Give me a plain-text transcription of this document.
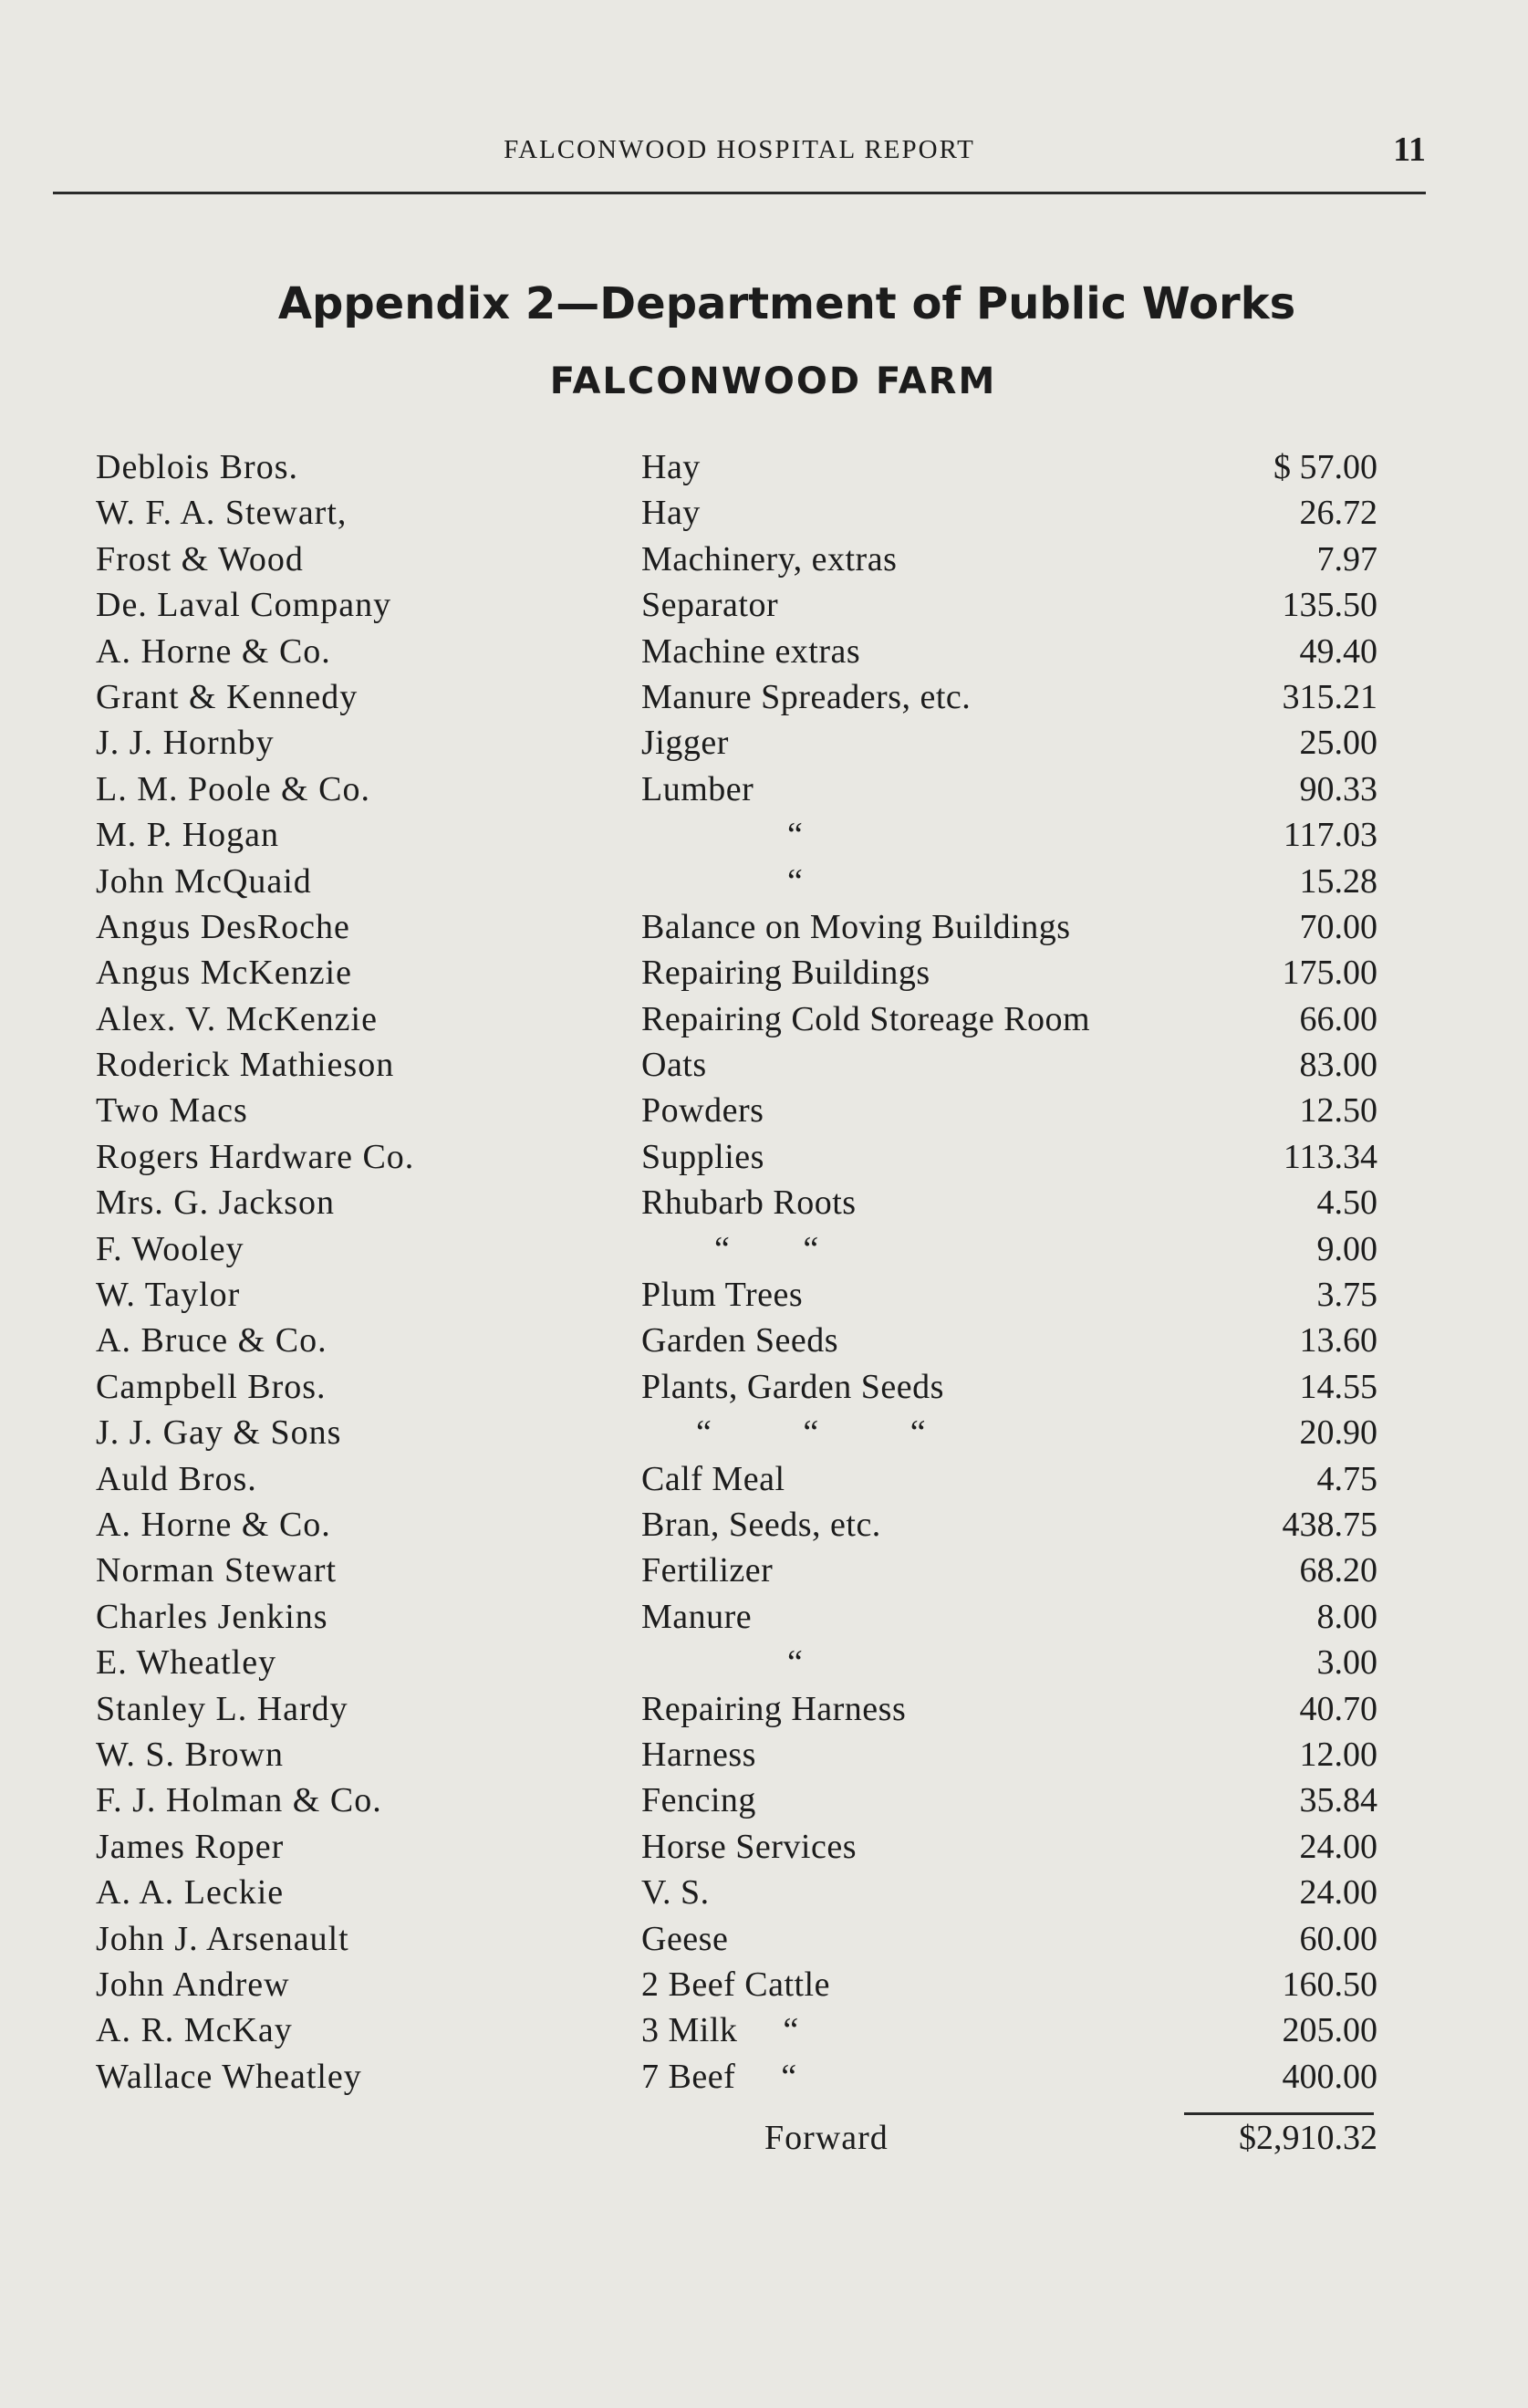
FALCONWOOD HOSPITAL REPORT	11
Appendix 2—Department of Public Works
FALCONWOOD FARM
Deblois Bros.	Hay	$ 57.00
W. F. A. Stewart,	Hay	26.72
Frost & Wood	Machinery, extras	7.97
De. Laval Company	Separator	135.50
A. Horne & Co.	Machine extras	49.40
Grant & Kennedy	Manure Spreaders, etc.	315.21
J. J. Hornby	Jigger	25.00
L. M. Poole & Co.	Lumber	90.33
M. P. Hogan	“	117.03
John McQuaid	“	15.28
Angus DesRoche	Balance on Moving Buildings	70.00
Angus McKenzie	Repairing Buildings	175.00
Alex. V. McKenzie	Repairing Cold Storeage Room	66.00
Roderick Mathieson	Oats	83.00
Two Macs	Powders	12.50
Rogers Hardware Co.	Supplies	113.34
Mrs. G. Jackson	Rhubarb Roots	4.50
F. Wooley	“        “	9.00
W. Taylor	Plum Trees	3.75
A. Bruce & Co.	Garden Seeds	13.60
Campbell Bros.	Plants, Garden Seeds	14.55
J. J. Gay & Sons	“          “          “	20.90
Auld Bros.	Calf Meal	4.75
A. Horne & Co.	Bran, Seeds, etc.	438.75
Norman Stewart	Fertilizer	68.20
Charles Jenkins	Manure	8.00
E. Wheatley	“	3.00
Stanley L. Hardy	Repairing Harness	40.70
W. S. Brown	Harness	12.00
F. J. Holman & Co.	Fencing	35.84
James Roper	Horse Services	24.00
A. A. Leckie	V. S.	24.00
John J. Arsenault	Geese	60.00
John Andrew	2 Beef Cattle	160.50
A. R. McKay	3 Milk     “	205.00
Wallace Wheatley	7 Beef     “	400.00
Forward	$2,910.32
